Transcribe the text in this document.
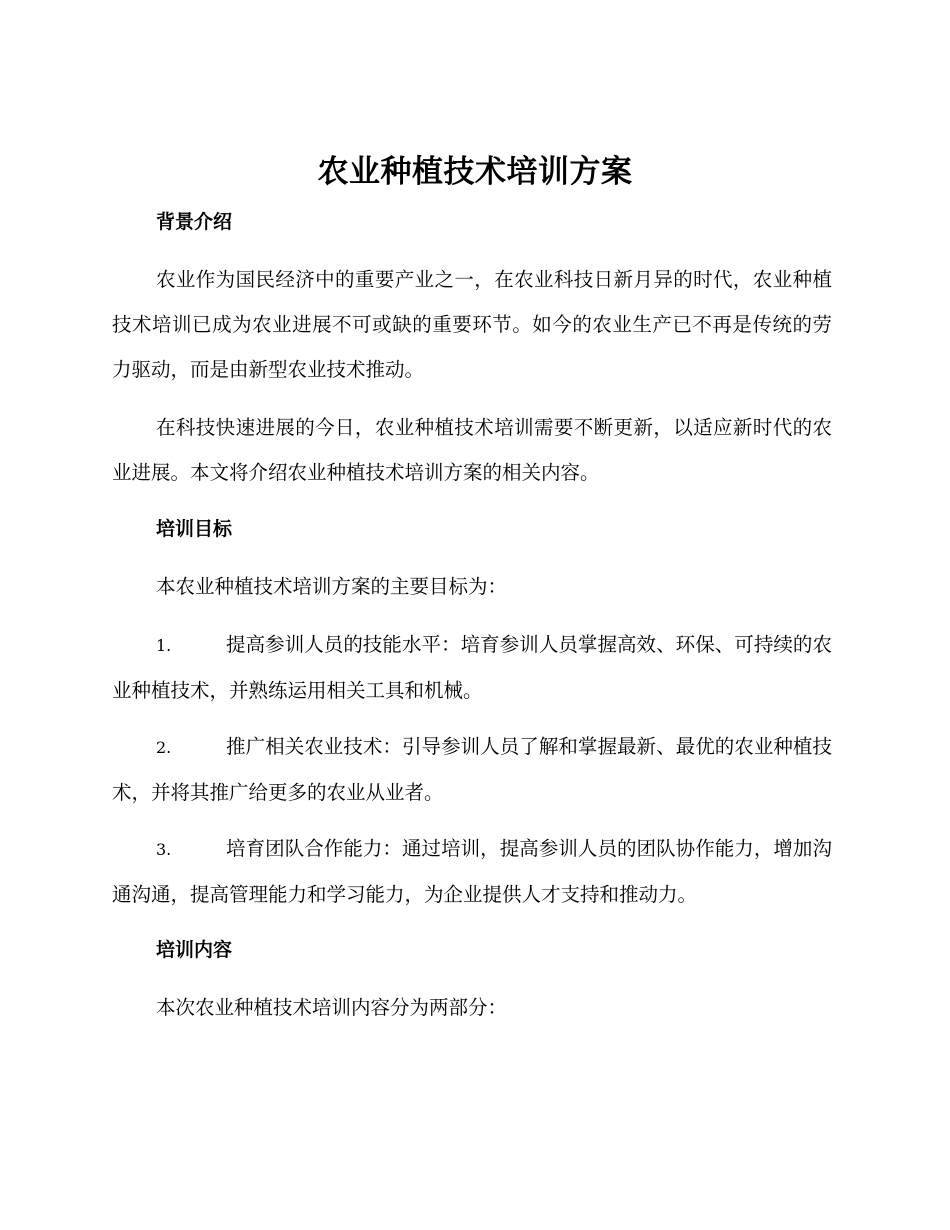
农业种植技术培训方案
背景介绍

农业作为国民经济中的重要产业之一，在农业科技日新月异的时代，农业种植技术培训已成为农业进展不可或缺的重要环节。如今的农业生产已不再是传统的劳力驱动，而是由新型农业技术推动。

在科技快速进展的今日，农业种植技术培训需要不断更新，以适应新时代的农业进展。本文将介绍农业种植技术培训方案的相关内容。

培训目标

本农业种植技术培训方案的主要目标为：

1.	提高参训人员的技能水平：培育参训人员掌握高效、环保、可持续的农业种植技术，并熟练运用相关工具和机械。

2.	推广相关农业技术：引导参训人员了解和掌握最新、最优的农业种植技术，并将其推广给更多的农业从业者。

3.	培育团队合作能力：通过培训，提高参训人员的团队协作能力，增加沟通沟通，提高管理能力和学习能力，为企业提供人才支持和推动力。

培训内容

本次农业种植技术培训内容分为两部分：
